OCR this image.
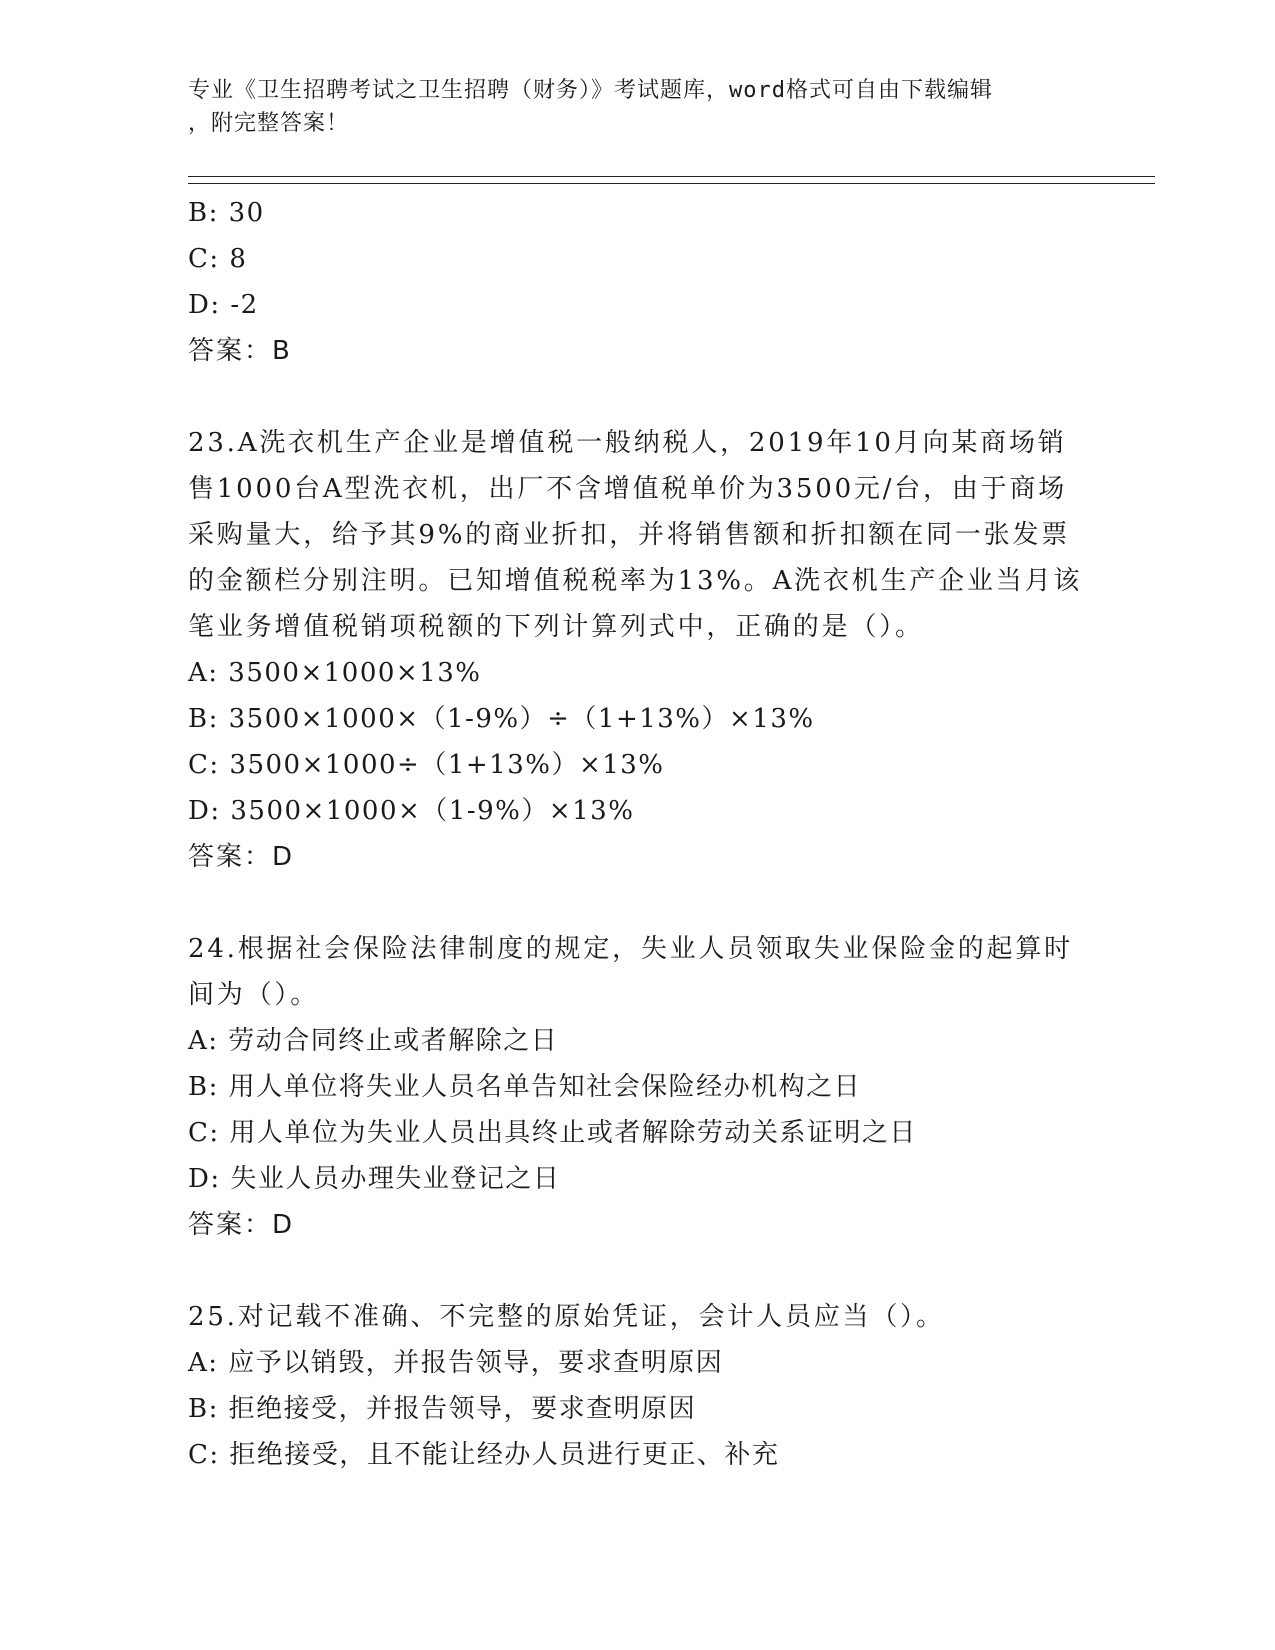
专业《卫生招聘考试之卫生招聘（财务）》考试题库，word格式可自由下载编辑
，附完整答案！
B: 30
C: 8
D: -2
答案：B
23.A洗衣机生产企业是增值税一般纳税人，2019年10月向某商场销
售1000台A型洗衣机，出厂不含增值税单价为3500元/台，由于商场
采购量大，给予其9%的商业折扣，并将销售额和折扣额在同一张发票
的金额栏分别注明。已知增值税税率为13%。A洗衣机生产企业当月该
笔业务增值税销项税额的下列计算列式中，正确的是（）。
A: 3500×1000×13%
B: 3500×1000×（1-9%）÷（1+13%）×13%
C: 3500×1000÷（1+13%）×13%
D: 3500×1000×（1-9%）×13%
答案：D
24.根据社会保险法律制度的规定，失业人员领取失业保险金的起算时
间为（）。
A: 劳动合同终止或者解除之日
B: 用人单位将失业人员名单告知社会保险经办机构之日
C: 用人单位为失业人员出具终止或者解除劳动关系证明之日
D: 失业人员办理失业登记之日
答案：D
25.对记载不准确、不完整的原始凭证，会计人员应当（）。
A: 应予以销毁，并报告领导，要求查明原因
B: 拒绝接受，并报告领导，要求查明原因
C: 拒绝接受，且不能让经办人员进行更正、补充
